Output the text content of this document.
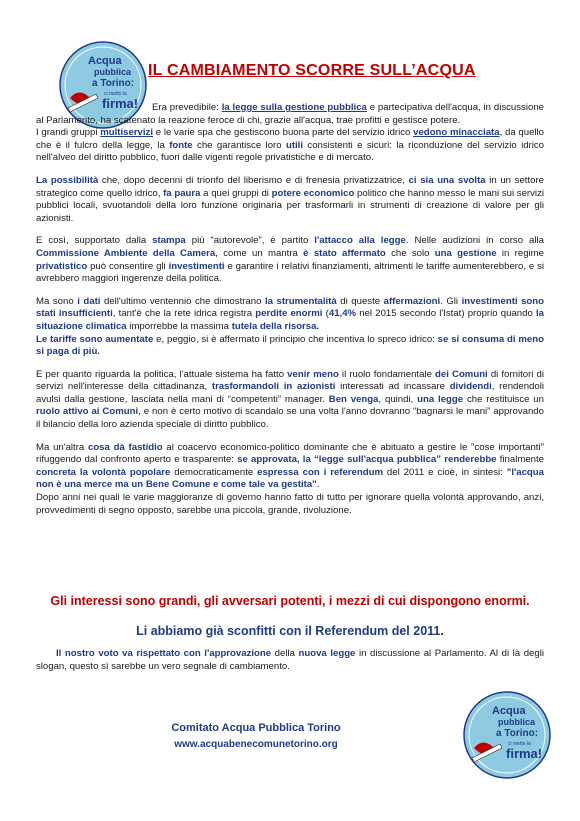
Acqua
pubblica
a Torino:
ci metto la
firma!
IL CAMBIAMENTO SCORRE SULL’ACQUA
Era prevedibile: la legge sulla gestione pubblica e partecipativa dell'acqua, in discussione al Parlamento, ha scatenato la reazione feroce di chi, grazie all'acqua, trae profitti e gestisce potere.
I grandi gruppi multiservizi e le varie spa che gestiscono buona parte del servizio idrico vedono minacciata, da quello che è il fulcro della legge, la fonte che garantisce loro utili consistenti e sicuri: la riconduzione del servizio idrico nell'alveo del diritto pubblico, fuori dalle vigenti regole privatistiche e di mercato.
La possibilità che, dopo decenni di trionfo del liberismo e di frenesia privatizzatrice, ci sia una svolta in un settore strategico come quello idrico, fa paura a quei gruppi di potere economico politico che hanno messo le mani sui servizi pubblici locali, svuotandoli della loro funzione originaria per trasformarli in strumenti di creazione di valore per gli azionisti.
E così, supportato dalla stampa più “autorevole”, è partito l'attacco alla legge. Nelle audizioni in corso alla Commissione Ambiente della Camera, come un mantra è stato affermato che solo una gestione in regime privatistico può consentire gli investimenti e garantire i relativi finanziamenti, altrimenti le tariffe aumenterebbero, e si avrebbero maggiori ingerenze della politica.
Ma sono i dati dell'ultimo ventennio che dimostrano la strumentalità di queste affermazioni. Gli investimenti sono stati insufficienti, tant'è che la rete idrica registra perdite enormi (41,4% nel 2015 secondo l'Istat) proprio quando la situazione climatica imporrebbe la massima tutela della risorsa.
Le tariffe sono aumentate e, peggio, si è affermato il principio che incentiva lo spreco idrico: se si consuma di meno si paga di più.
E per quanto riguarda la politica, l'attuale sistema ha fatto venir meno il ruolo fondamentale dei Comuni di fornitori di servizi nell'interesse della cittadinanza, trasformandoli in azionisti interessati ad incassare dividendi, rendendoli avulsi dalla gestione, lasciata nella mani di “competenti” manager. Ben venga, quindi, una legge che restituisce un ruolo attivo ai Comuni, e non è certo motivo di scandalo se una volta l'anno dovranno “bagnarsi le mani” approvando il bilancio della loro azienda speciale di diritto pubblico.
Ma un'altra cosa dà fastidio al coacervo economico-politico dominante che è abituato a gestire le "cose importanti" rifuggendo dal confronto aperto e trasparente: se approvata, la “legge sull'acqua pubblica” renderebbe finalmente concreta la volontà popolare democraticamente espressa con i referendum del 2011 e cioè, in sintesi: "l'acqua non è una merce ma un Bene Comune e come tale va gestita".
Dopo anni nei quali le varie maggioranze di governo hanno fatto di tutto per ignorare quella volontà approvando, anzi, provvedimenti di segno opposto, sarebbe una piccola, grande, rivoluzione.
Gli interessi sono grandi, gli avversari potenti, i mezzi di cui dispongono enormi.
Li abbiamo già sconfitti con il Referendum del 2011.
Il nostro voto va rispettato con l'approvazione della nuova legge in discussione al Parlamento. Al di là degli slogan, questo sì sarebbe un vero segnale di cambiamento.
Comitato Acqua Pubblica Torino
www.acquabenecomunetorino.org
Acqua
pubblica
a Torino:
ci metto la
firma!
